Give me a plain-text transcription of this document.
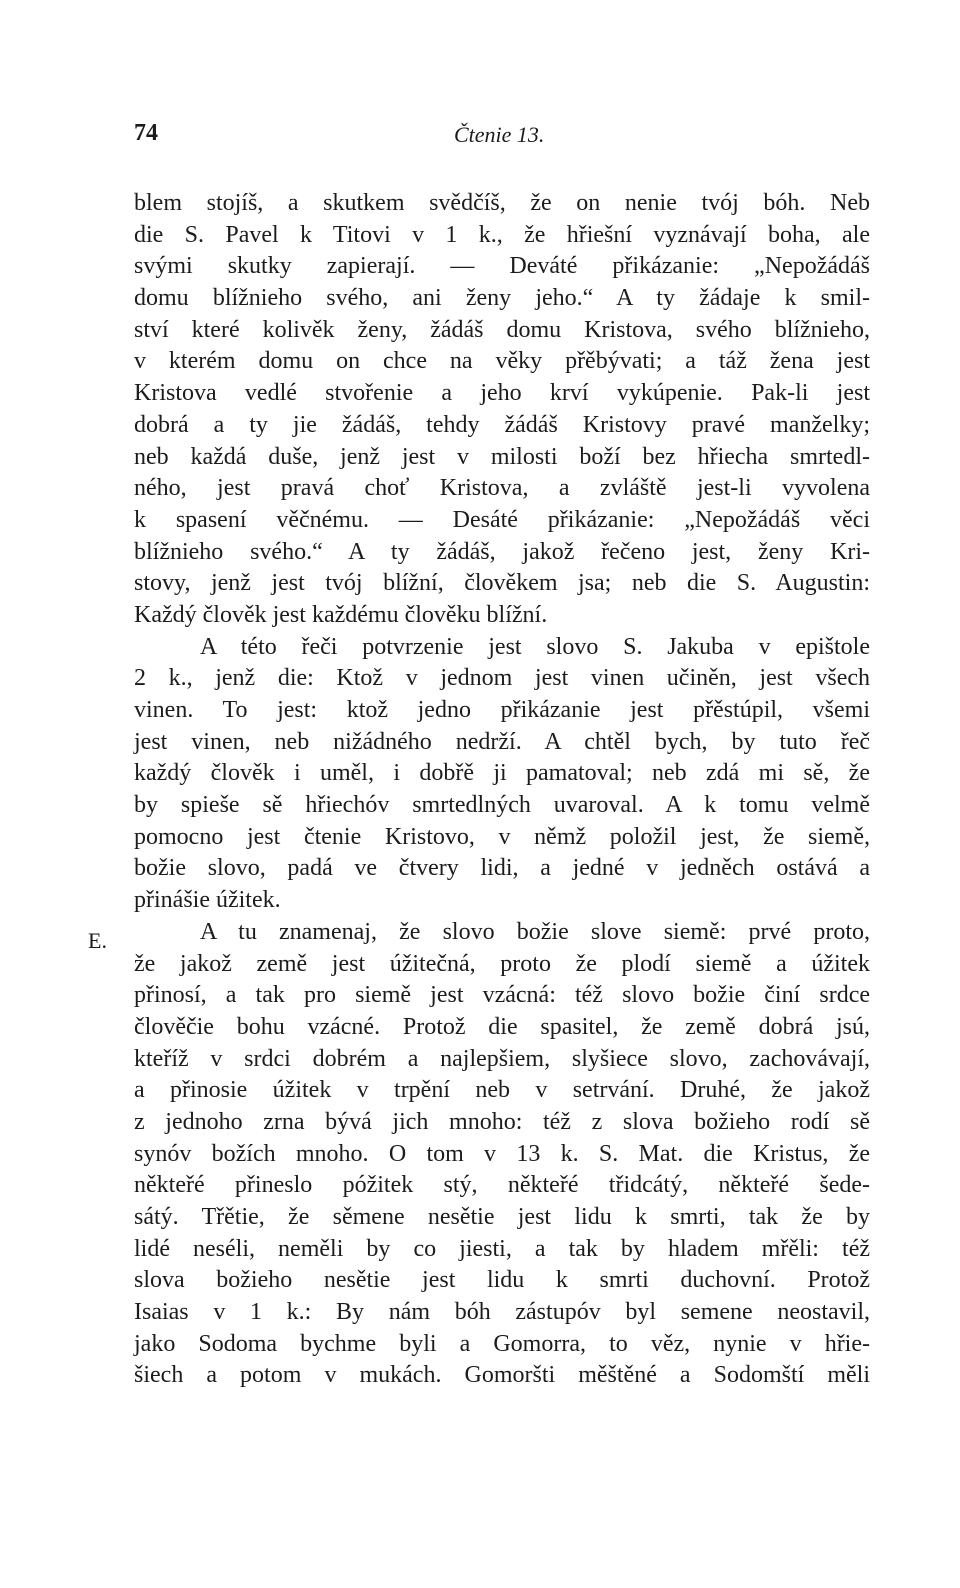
74	Čtenie 13.
E.
blem stojíš, a skutkem svědčíš, že on nenie tvój bóh. Neb
die S. Pavel k Titovi v 1 k., že hřiešní vyznávají boha, ale
svými skutky zapierají. — Deváté přikázanie: „Nepožádáš
domu blížnieho svého, ani ženy jeho.“ A ty žádaje k smil-
ství které kolivěk ženy, žádáš domu Kristova, svého blížnieho,
v kterém domu on chce na věky přěbývati; a táž žena jest
Kristova vedlé stvořenie a jeho krví vykúpenie. Pak-li jest
dobrá a ty jie žádáš, tehdy žádáš Kristovy pravé manželky;
neb každá duše, jenž jest v milosti boží bez hřiecha smrtedl-
ného, jest pravá choť Kristova, a zvláště jest-li vyvolena
k spasení věčnému. — Desáté přikázanie: „Nepožádáš věci
blížnieho svého.“ A ty žádáš, jakož řečeno jest, ženy Kri-
stovy, jenž jest tvój blížní, člověkem jsa; neb die S. Augustin:
Každý člověk jest každému člověku blížní.
A této řeči potvrzenie jest slovo S. Jakuba v epištole
2 k., jenž die: Ktož v jednom jest vinen učiněn, jest všech
vinen. To jest: ktož jedno přikázanie jest přěstúpil, všemi
jest vinen, neb nižádného nedrží. A chtěl bych, by tuto řeč
každý člověk i uměl, i dobřě ji pamatoval; neb zdá mi sě, že
by spieše sě hřiechóv smrtedlných uvaroval. A k tomu velmě
pomocno jest čtenie Kristovo, v němž položil jest, že siemě,
božie slovo, padá ve čtvery lidi, a jedné v jedněch ostává a
přinášie úžitek.
A tu znamenaj, že slovo božie slove siemě: prvé proto,
že jakož země jest úžitečná, proto že plodí siemě a úžitek
přinosí, a tak pro siemě jest vzácná: též slovo božie činí srdce
člověčie bohu vzácné. Protož die spasitel, že země dobrá jsú,
kteříž v srdci dobrém a najlepšiem, slyšiece slovo, zachovávají,
a přinosie úžitek v trpění neb v setrvání. Druhé, že jakož
z jednoho zrna bývá jich mnoho: též z slova božieho rodí sě
synóv božích mnoho. O tom v 13 k. S. Mat. die Kristus, že
někteřé přineslo póžitek stý, někteřé třidcátý, někteřé šede-
sátý. Třětie, že sěmene nesětie jest lidu k smrti, tak že by
lidé neséli, neměli by co jiesti, a tak by hladem mřěli: též
slova božieho nesětie jest lidu k smrti duchovní. Protož
Isaias v 1 k.: By nám bóh zástupóv byl semene neostavil,
jako Sodoma bychme byli a Gomorra, to věz, nynie v hřie-
šiech a potom v mukách. Gomoršti měštěné a Sodomští měli
